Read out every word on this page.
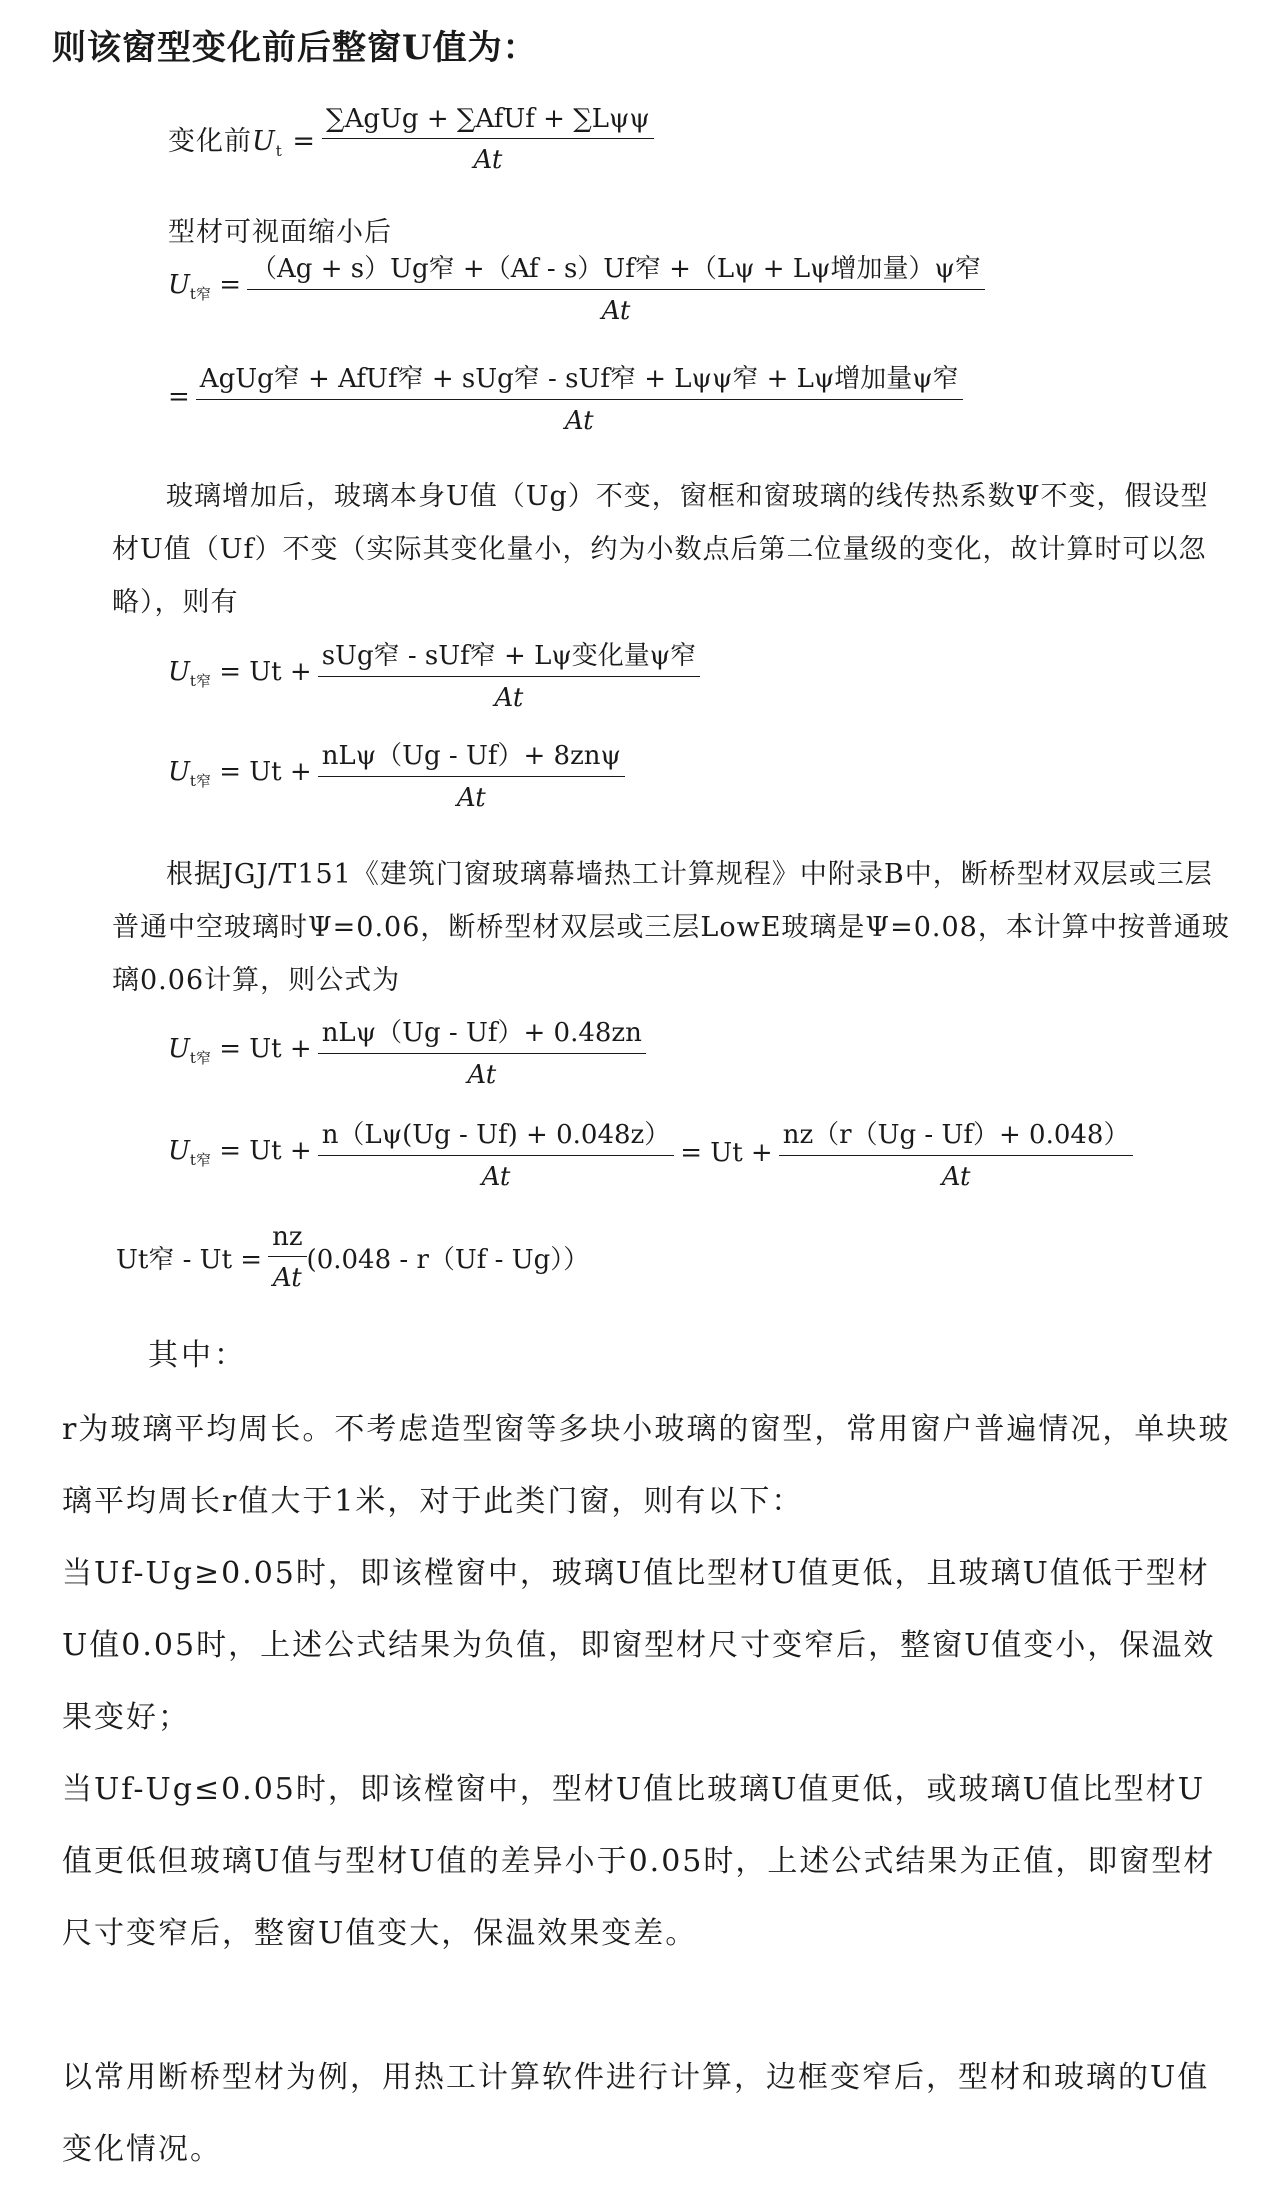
则该窗型变化前后整窗U值为：
变化前$U_t = \frac{\text{∑AgUg + ∑AfUf + ∑Lψψ}}{At}$
型材可视面缩小后
$U_{t窄} = \frac{\text{（Ag + s）Ug窄 +（Af - s）Uf窄 +（Lψ + Lψ增加量）ψ窄}}{At}$
= $\frac{\text{AgUg窄 + AfUf窄 + sUg窄 - sUf窄 + Lψψ窄 + Lψ增加量ψ窄}}{At}$
玻璃增加后，玻璃本身U值（Ug）不变，窗框和窗玻璃的线传热系数Ψ不变，假设型材U值（Uf）不变（实际其变化量小，约为小数点后第二位量级的变化，故计算时可以忽略），则有
$U_{t窄} = Ut + \frac{\text{sUg窄 - sUf窄 + Lψ变化量ψ窄}}{At}$
$U_{t窄} = Ut + \frac{\text{nLψ（Ug - Uf）+ 8znψ}}{At}$
根据JGJ/T151《建筑门窗玻璃幕墙热工计算规程》中附录B中，断桥型材双层或三层普通中空玻璃时Ψ=0.06，断桥型材双层或三层LowE玻璃是Ψ=0.08，本计算中按普通玻璃0.06计算，则公式为
$U_{t窄} = Ut + \frac{\text{nLψ（Ug - Uf）+ 0.48zn}}{At}$
$U_{t窄} = Ut + \frac{n(L\psi(Ug - Uf) + 0.048z)}{At} = Ut + \frac{nz(r(Ug - Uf)+ 0.048)}{At}$
Ut窄 - $Ut = \frac{nz}{At} (0.048 - r(Uf - Ug))$
其中：
r为玻璃平均周长。不考虑造型窗等多块小玻璃的窗型，常用窗户普遍情况，单块玻璃平均周长r值大于1米，对于此类门窗，则有以下：
当Uf-Ug≥0.05时，即该樘窗中，玻璃U值比型材U值更低，且玻璃U值低于型材U值0.05时，上述公式结果为负值，即窗型材尺寸变窄后，整窗U值变小，保温效果变好；
当Uf-Ug≤0.05时，即该樘窗中，型材U值比玻璃U值更低，或玻璃U值比型材U值更低但玻璃U值与型材U值的差异小于0.05时，上述公式结果为正值，即窗型材尺寸变窄后，整窗U值变大，保温效果变差。
以常用断桥型材为例，用热工计算软件进行计算，边框变窄后，型材和玻璃的U值变化情况。
